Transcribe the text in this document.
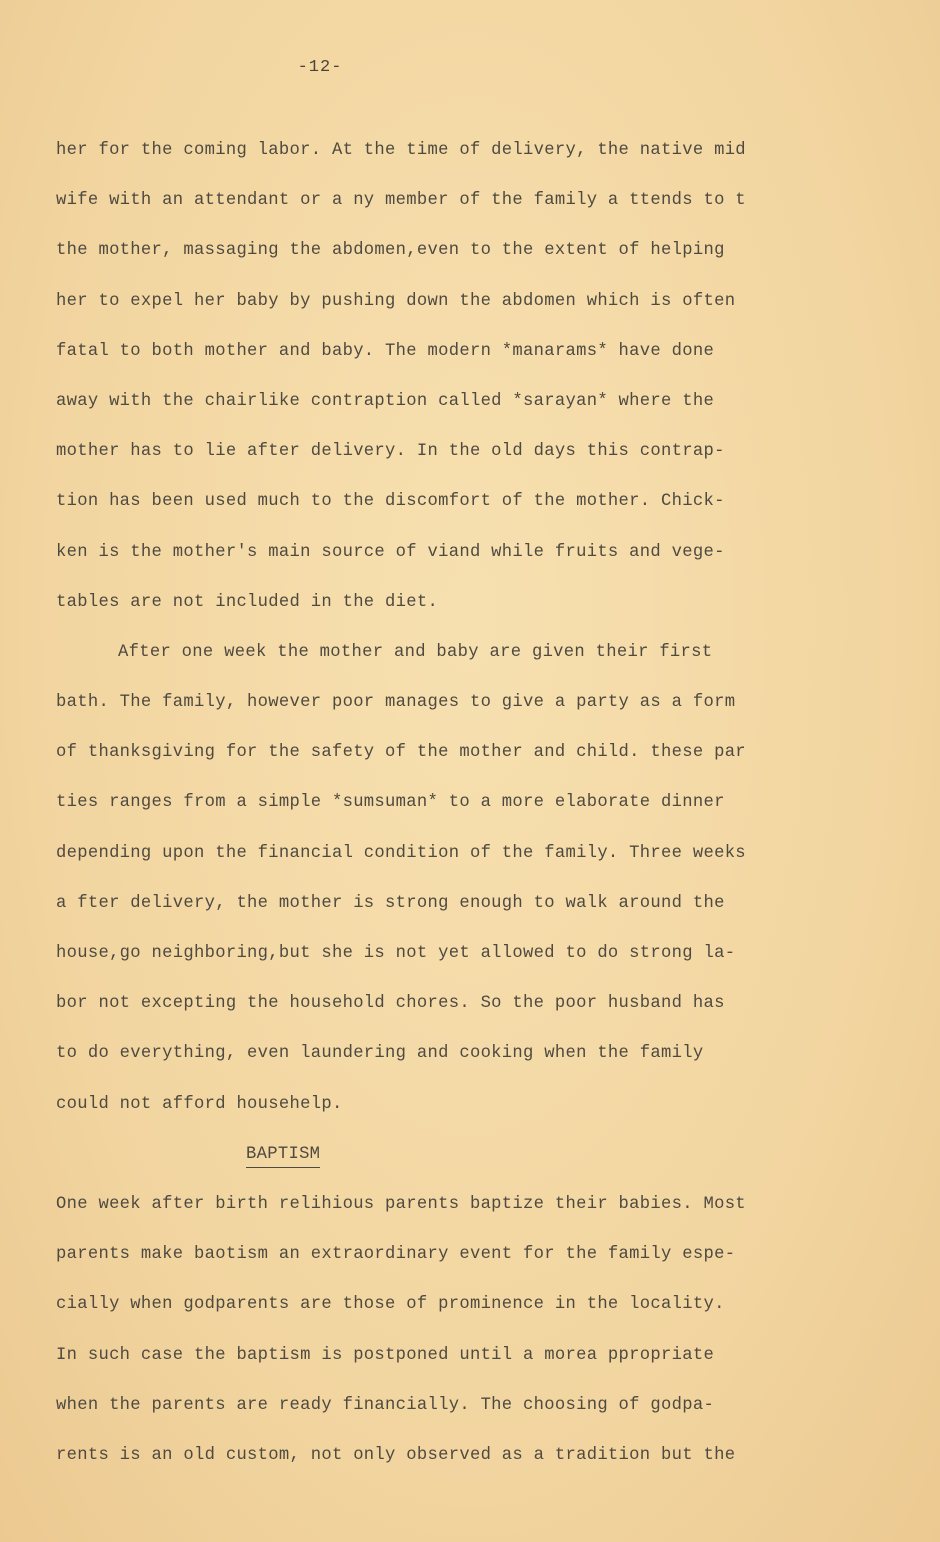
-12-
her for the coming labor. At the time of delivery, the native mid
wife with an attendant or a ny member of the family a ttends to t
the mother, massaging the abdomen,even to the extent of helping
her to expel her baby by pushing down the abdomen which is often
fatal to both mother and baby. The modern *manarams* have done
away with the chairlike contraption called *sarayan* where the
mother has to lie after delivery. In the old days this contrap-
tion has been used much to the discomfort of the mother. Chick-
ken is the mother's main source of viand while fruits and vege-
tables are not included in the diet.
After one week the mother and baby are given their first
bath. The family, however poor manages to give a party as a form
of thanksgiving for the safety of the mother and child. these par
ties ranges from a simple *sumsuman* to a more elaborate dinner
depending upon the financial condition of the family. Three weeks
a fter delivery, the mother is strong enough to walk around the
house,go neighboring,but she is not yet allowed to do strong la-
bor not excepting the household chores. So the poor husband has
to do everything, even laundering and cooking when the family
could not afford househelp.
BAPTISM
One week after birth relihious parents baptize their babies. Most
parents make baotism an extraordinary event for the family espe-
cially when godparents are those of prominence in the locality.
In such case the baptism is postponed until a morea ppropriate
when the parents are ready financially. The choosing of godpa-
rents is an old custom, not only observed as a tradition but the
